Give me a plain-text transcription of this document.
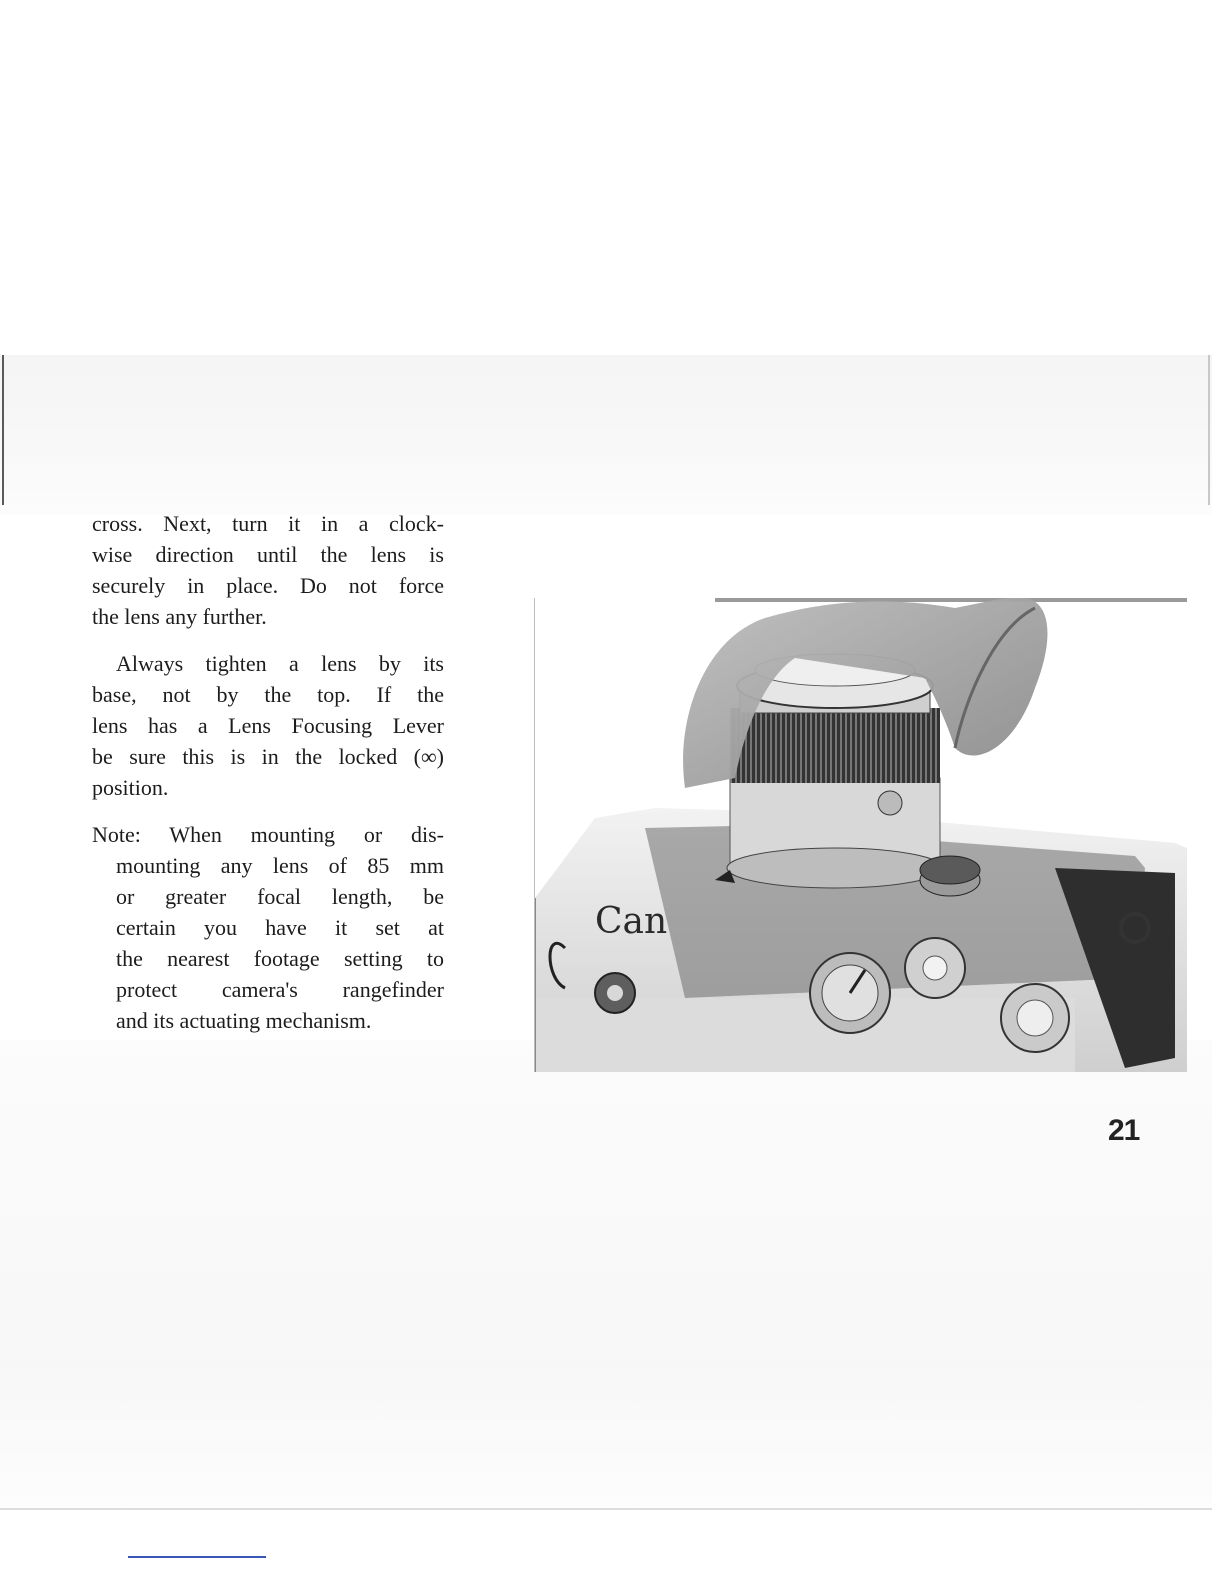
cross. Next, turn it in a clock-

wise direction until the lens is

securely in place. Do not force

the lens any further.

Always tighten a lens by its

base, not by the top. If the

lens has a Lens Focusing Lever

be sure this is in the locked (∞)

position.

Note: When mounting or dis-

mounting any lens of 85 mm

or greater focal length, be

certain you have it set at

the nearest footage setting to

protect camera's rangefinder

and its actuating mechanism.

Can
21
